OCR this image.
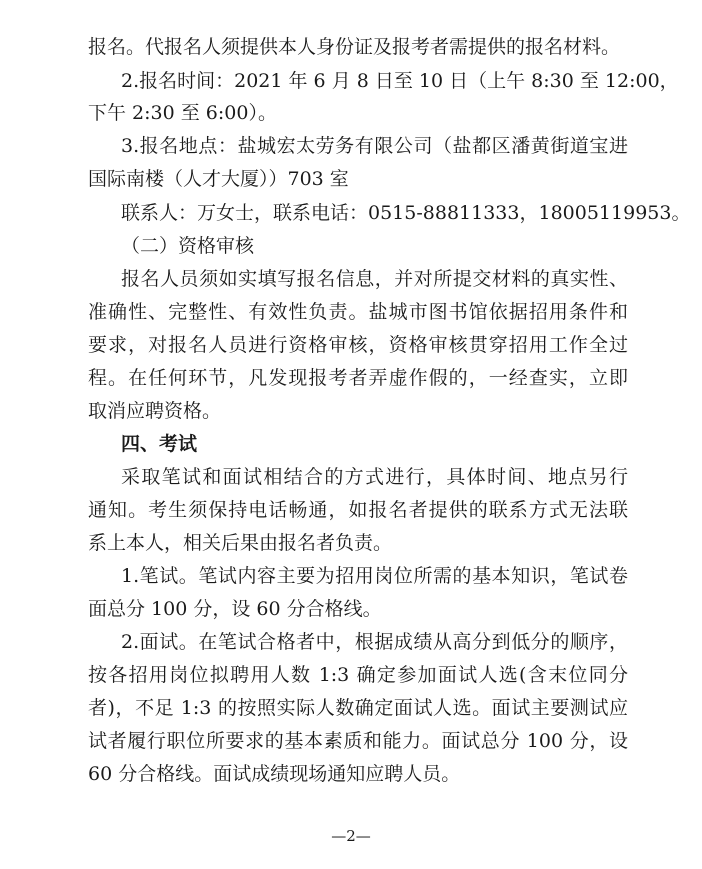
报名。代报名人须提供本人身份证及报考者需提供的报名材料。
2.报名时间：2021 年 6 月 8 日至 10 日（上午 8:30 至 12:00，
下午 2:30 至 6:00）。
3.报名地点：盐城宏太劳务有限公司（盐都区潘黄街道宝进
国际南楼（人才大厦））703 室
联系人：万女士，联系电话：0515-88811333，18005119953。
（二）资格审核
报名人员须如实填写报名信息，并对所提交材料的真实性、
准确性、完整性、有效性负责。盐城市图书馆依据招用条件和
要求，对报名人员进行资格审核，资格审核贯穿招用工作全过
程。在任何环节，凡发现报考者弄虚作假的，一经查实，立即
取消应聘资格。
四、考试
采取笔试和面试相结合的方式进行，具体时间、地点另行
通知。考生须保持电话畅通，如报名者提供的联系方式无法联
系上本人，相关后果由报名者负责。
1.笔试。笔试内容主要为招用岗位所需的基本知识，笔试卷
面总分 100 分，设 60 分合格线。
2.面试。在笔试合格者中，根据成绩从高分到低分的顺序，
按各招用岗位拟聘用人数 1:3 确定参加面试人选(含末位同分
者)，不足 1:3 的按照实际人数确定面试人选。面试主要测试应
试者履行职位所要求的基本素质和能力。面试总分 100 分，设
60 分合格线。面试成绩现场通知应聘人员。
—2—
